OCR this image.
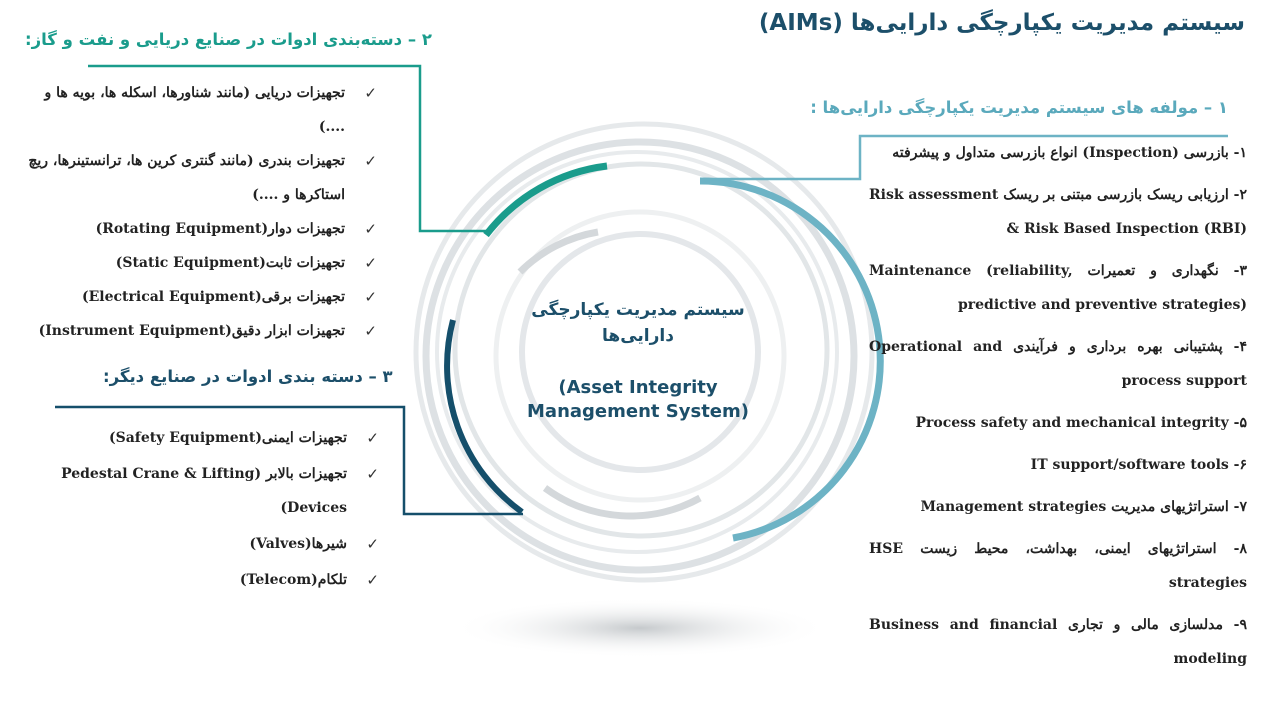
سیستم مدیریت یکپارچگی دارایی‌ها (AIMs)
سیستم مدیریت یکپارچگی دارایی‌ها
(Asset Integrity Management System)
۱ – مولفه های سیستم مدیریت یکپارچگی دارایی‌ها :
۱- بازرسی (Inspection) انواع بازرسی متداول و پیشرفته
۲- ارزیابی ریسک بازرسی مبتنی بر ریسک Risk assessment & Risk Based Inspection (RBI)
۳- نگهداری و تعمیرات Maintenance (reliability, predictive and preventive strategies)
۴- پشتیبانی بهره برداری و فرآیندی Operational and process support
۵- Process safety and mechanical integrity
۶- IT support/software tools
۷- استراتژیهای مدیریت Management strategies
۸- استراتژیهای ایمنی، بهداشت، محیط زیست HSE strategies
۹- مدلسازی مالی و تجاری Business and financial modeling
۲ – دسته‌بندی ادوات در صنایع دریایی و نفت و گاز:
✓
تجهیزات دریایی (مانند شناورها، اسکله ها، بویه ها و ....)
✓
تجهیزات بندری (مانند گنتری کرین ها، ترانستینرها، ریچ استاکرها و ....)
✓
تجهیزات دوار(Rotating Equipment)
✓
تجهیزات ثابت(Static Equipment)
✓
تجهیزات برقی(Electrical Equipment)
✓
تجهیزات ابزار دقیق(Instrument Equipment)
۳ – دسته بندی ادوات در صنایع دیگر:
✓
تجهیزات ایمنی(Safety Equipment)
✓
تجهیزات بالابر (Pedestal Crane & Lifting Devices)
✓
شیرها(Valves)
✓
تلکام(Telecom)
